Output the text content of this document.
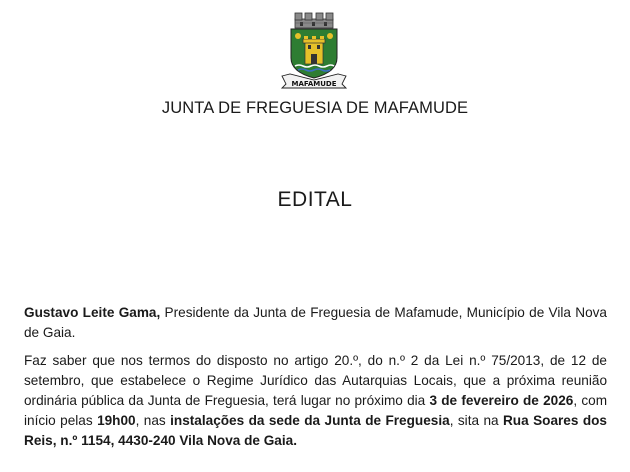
MAFAMUDE
JUNTA DE FREGUESIA DE MAFAMUDE
EDITAL
Gustavo Leite Gama, Presidente da Junta de Freguesia de Mafamude, Município de Vila Nova de Gaia.
Faz saber que nos termos do disposto no artigo 20.º, do n.º 2 da Lei n.º 75/2013, de 12 de setembro, que estabelece o Regime Jurídico das Autarquias Locais, que a próxima reunião ordinária pública da Junta de Freguesia, terá lugar no próximo dia 3 de fevereiro de 2026, com início pelas 19h00, nas instalações da sede da Junta de Freguesia, sita na Rua Soares dos Reis, n.º 1154, 4430-240 Vila Nova de Gaia.
